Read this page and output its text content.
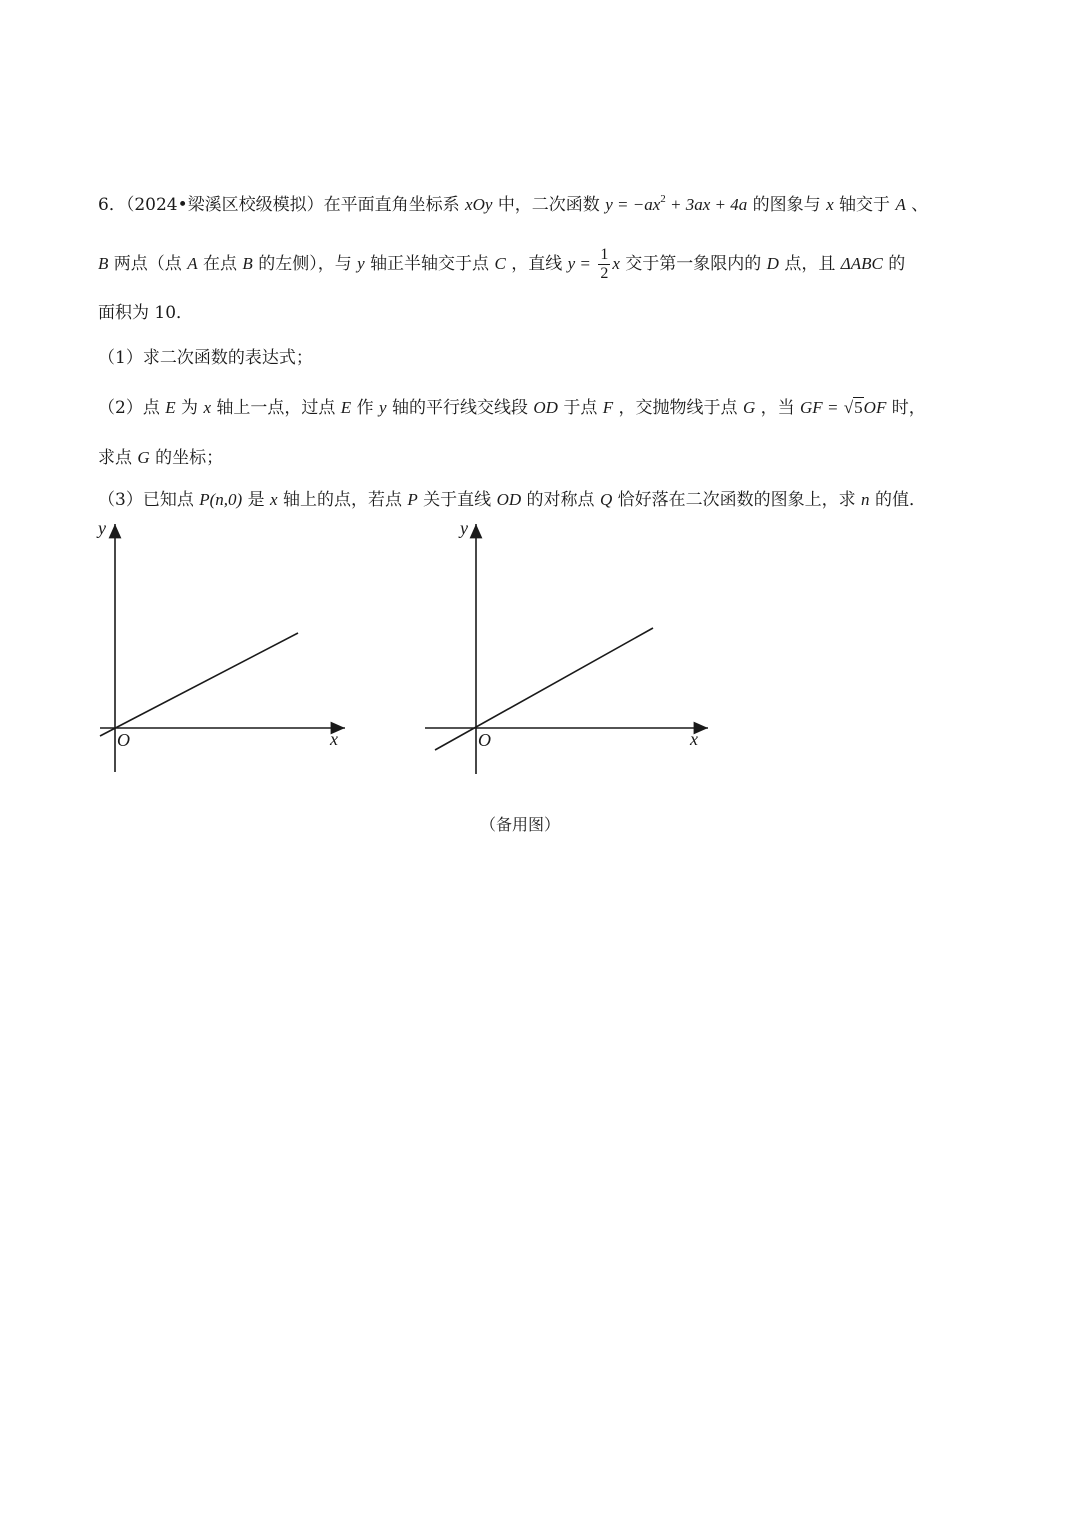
6．（2024•梁溪区校级模拟）在平面直角坐标系 xOy 中，二次函数 $y = -ax^2 + 3ax + 4a$ 的图象与 x 轴交于 A 、
B 两点（点 A 在点 B 的左侧），与 y 轴正半轴交于点 C ，直线 $y = \frac{1}{2}$ x 交于第一象限内的 D 点，且 ΔABC 的
面积为 10．
（1）求二次函数的表达式；
（2）点 E 为 x 轴上一点，过点 E 作 y 轴的平行线交线段 OD 于点 F ，交抛物线于点 G ，当 GF = √5OF 时，
求点 G 的坐标；
（3）已知点 P(n,0) 是 x 轴上的点，若点 P 关于直线 OD 的对称点 Q 恰好落在二次函数的图象上，求 n 的值．
y
x
O
y
x
O
（备用图）
